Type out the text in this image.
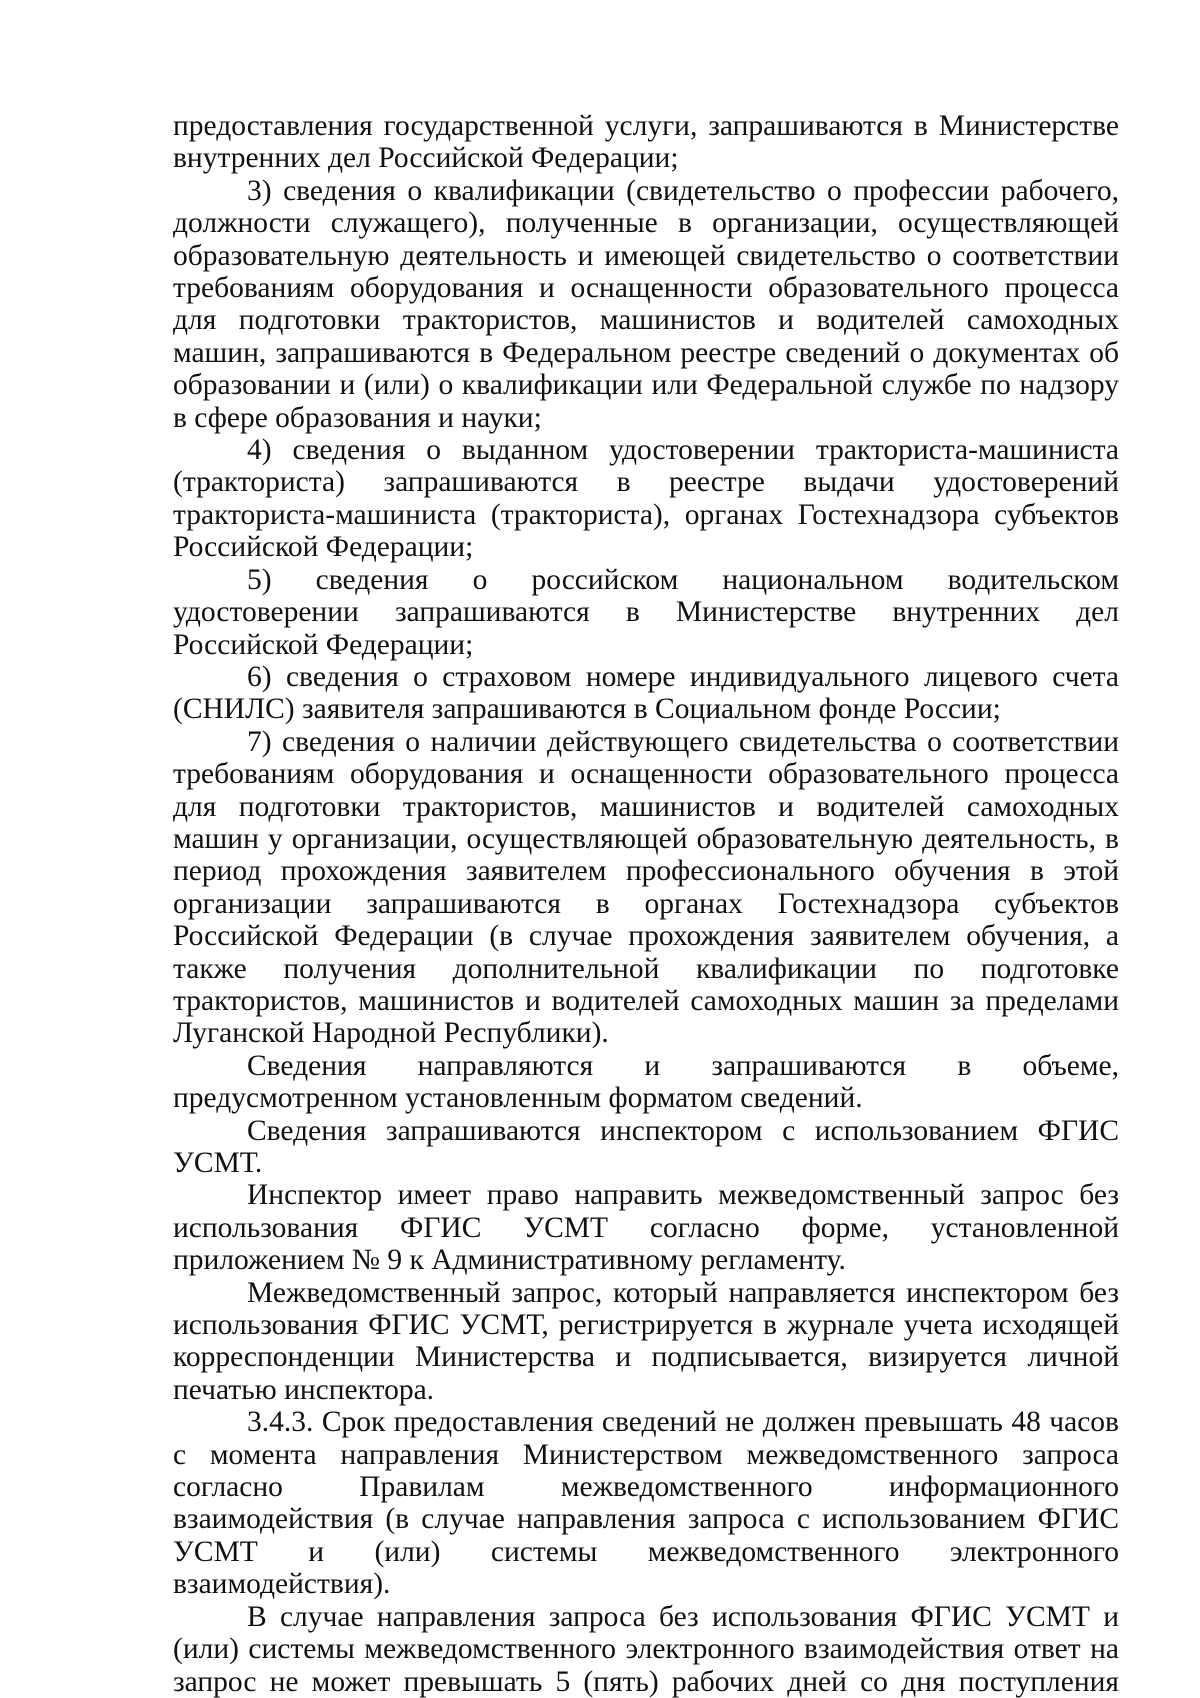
предоставления государственной услуги, запрашиваются в Министерстве внутренних дел Российской Федерации;

3) сведения о квалификации (свидетельство о профессии рабочего, должности служащего), полученные в организации, осуществляющей образовательную деятельность и имеющей свидетельство о соответствии требованиям оборудования и оснащенности образовательного процесса для подготовки трактористов, машинистов и водителей самоходных машин, запрашиваются в Федеральном реестре сведений о документах об образовании и (или) о квалификации или Федеральной службе по надзору в сфере образования и науки;

4) сведения о выданном удостоверении тракториста-машиниста (тракториста) запрашиваются в реестре выдачи удостоверений тракториста-машиниста (тракториста), органах Гостехнадзора субъектов Российской Федерации;

5) сведения о российском национальном водительском удостоверении запрашиваются в Министерстве внутренних дел Российской Федерации;

6) сведения о страховом номере индивидуального лицевого счета (СНИЛС) заявителя запрашиваются в Социальном фонде России;

7) сведения о наличии действующего свидетельства о соответствии требованиям оборудования и оснащенности образовательного процесса для подготовки трактористов, машинистов и водителей самоходных машин у организации, осуществляющей образовательную деятельность, в период прохождения заявителем профессионального обучения в этой организации запрашиваются в органах Гостехнадзора субъектов Российской Федерации (в случае прохождения заявителем обучения, а также получения дополнительной квалификации по подготовке трактористов, машинистов и водителей самоходных машин за пределами Луганской Народной Республики).

Сведения направляются и запрашиваются в объеме, предусмотренном установленным форматом сведений.

Сведения запрашиваются инспектором с использованием ФГИС УСМТ.

Инспектор имеет право направить межведомственный запрос без использования ФГИС УСМТ согласно форме, установленной приложением № 9 к Административному регламенту.

Межведомственный запрос, который направляется инспектором без использования ФГИС УСМТ, регистрируется в журнале учета исходящей корреспонденции Министерства и подписывается, визируется личной печатью инспектора.

3.4.3. Срок предоставления сведений не должен превышать 48 часов с момента направления Министерством межведомственного запроса согласно Правилам межведомственного информационного взаимодействия (в случае направления запроса с использованием ФГИС УСМТ и (или) системы межведомственного электронного взаимодействия).

В случае направления запроса без использования ФГИС УСМТ и (или) системы межведомственного электронного взаимодействия ответ на запрос не может превышать 5 (пять) рабочих дней со дня поступления
